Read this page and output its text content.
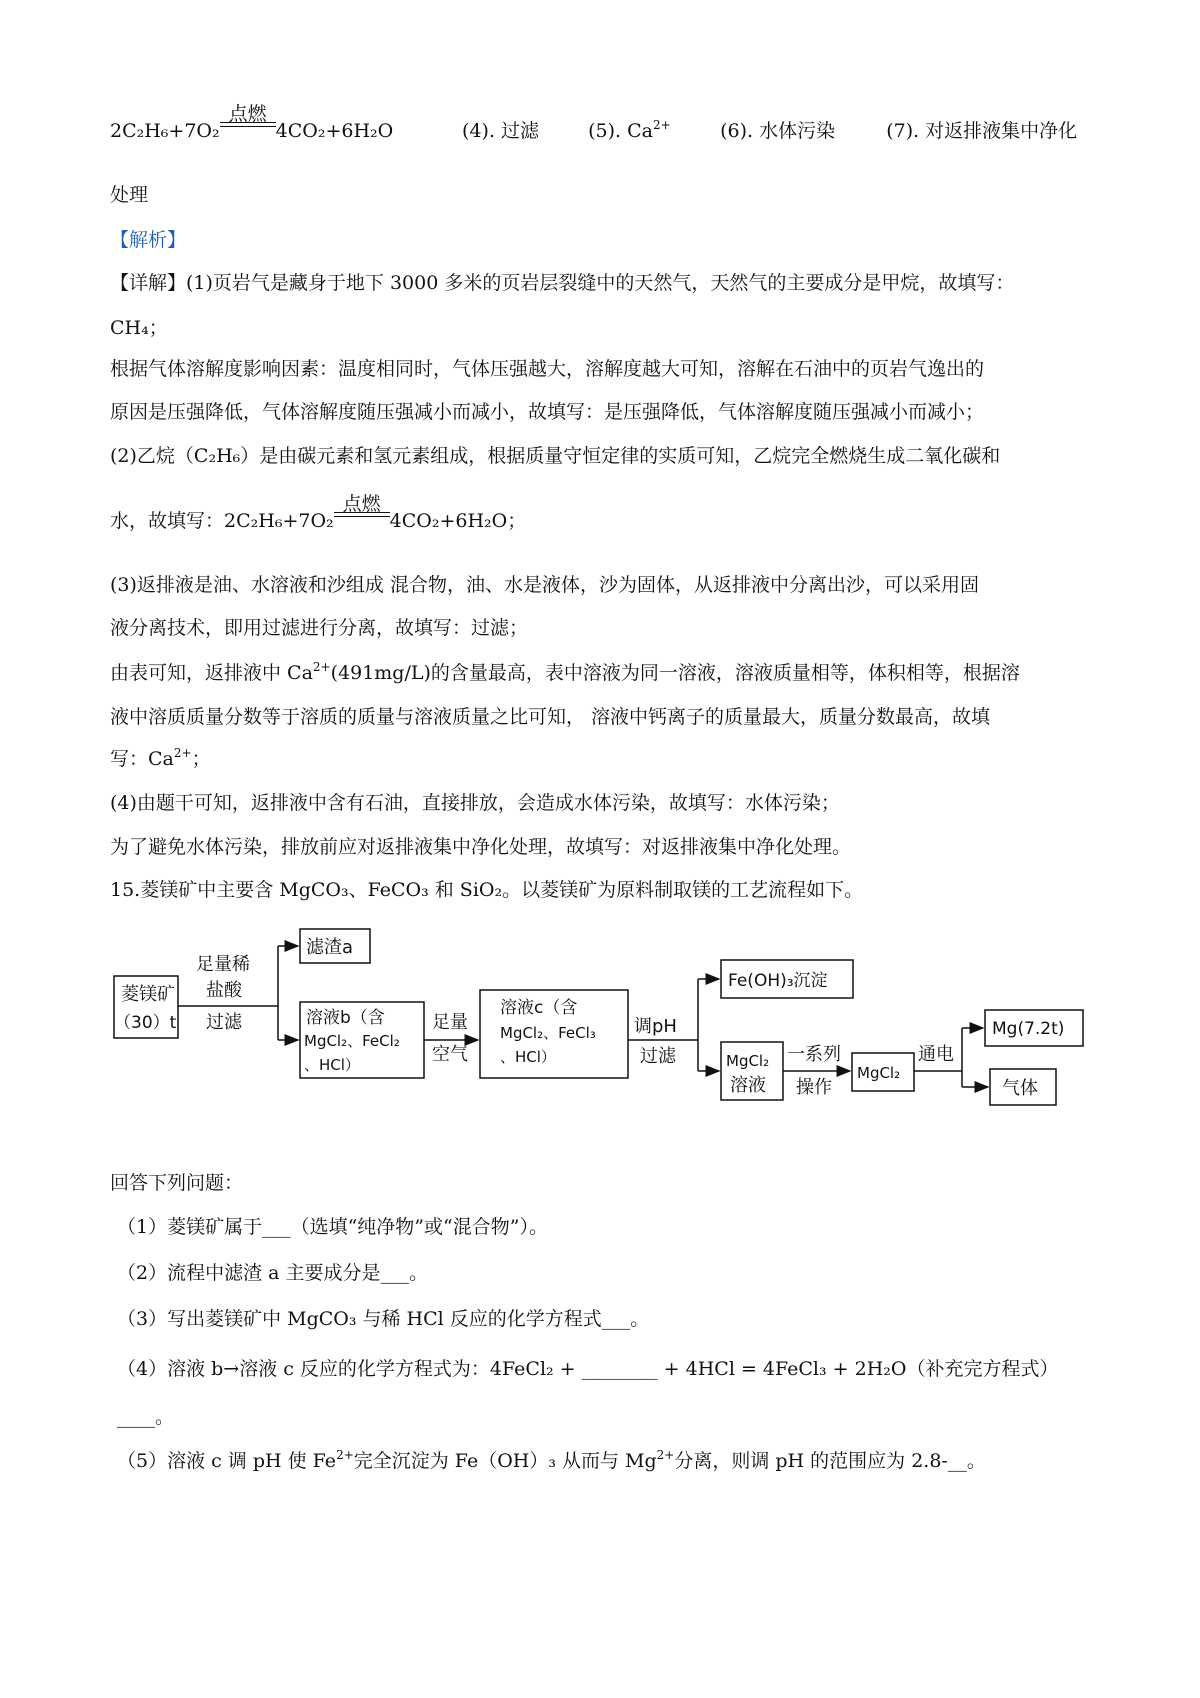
2C₂H₆+7O₂
点燃
4CO₂+6H₂O	(4). 过滤	(5). $Ca^{2+}$	(6). 水体污染	(7). 对返排液集中净化
处理
【解析】
【详解】(1)页岩气是藏身于地下 3000 多米的页岩层裂缝中的天然气，天然气的主要成分是甲烷，故填写：
CH₄；
根据气体溶解度影响因素：温度相同时，气体压强越大，溶解度越大可知，溶解在石油中的页岩气逸出的
原因是压强降低，气体溶解度随压强减小而减小，故填写：是压强降低，气体溶解度随压强减小而减小；
(2)乙烷（C₂H₆）是由碳元素和氢元素组成，根据质量守恒定律的实质可知，乙烷完全燃烧生成二氧化碳和
水，故填写：2C₂H₆+7O₂
点燃
4CO₂+6H₂O；
(3)返排液是油、水溶液和沙组成 混合物，油、水是液体，沙为固体，从返排液中分离出沙，可以采用固
液分离技术，即用过滤进行分离，故填写：过滤；
由表可知，返排液中 $Ca^{2+}(491mg/L)$的含量最高，表中溶液为同一溶液，溶液质量相等，体积相等，根据溶
液中溶质质量分数等于溶质的质量与溶液质量之比可知， 溶液中钙离子的质量最大，质量分数最高，故填
写：$Ca^{2+}$；
(4)由题干可知，返排液中含有石油，直接排放，会造成水体污染，故填写：水体污染；
为了避免水体污染，排放前应对返排液集中净化处理，故填写：对返排液集中净化处理。
15.菱镁矿中主要含 MgCO₃、FeCO₃ 和 SiO₂。以菱镁矿为原料制取镁的工艺流程如下。
菱镁矿
（30）t
足量稀
盐酸
过滤
滤渣a
溶液b（含
MgCl₂、FeCl₂
、HCl）
足量
空气
溶液c（含
MgCl₂、FeCl₃
、HCl）
调pH
过滤
Fe(OH)₃沉淀
MgCl₂
溶液
一系列
操作
MgCl₂
通电
Mg(7.2t)
气体
回答下列问题：
（1）菱镁矿属于___（选填“纯净物”或“混合物”）。
（2）流程中滤渣 a 主要成分是___。
（3）写出菱镁矿中 MgCO₃ 与稀 HCl 反应的化学方程式___。
（4）溶液 b→溶液 c 反应的化学方程式为：4FeCl₂ + ________ + 4HCl = 4FeCl₃ + 2H₂O（补充完方程式）
____。
（5）溶液 c 调 pH 使 $Fe^{2+}$完全沉淀为 Fe（OH）₃ 从而与 $Mg^{2+}$分离，则调 pH 的范围应为 2.8-__。
